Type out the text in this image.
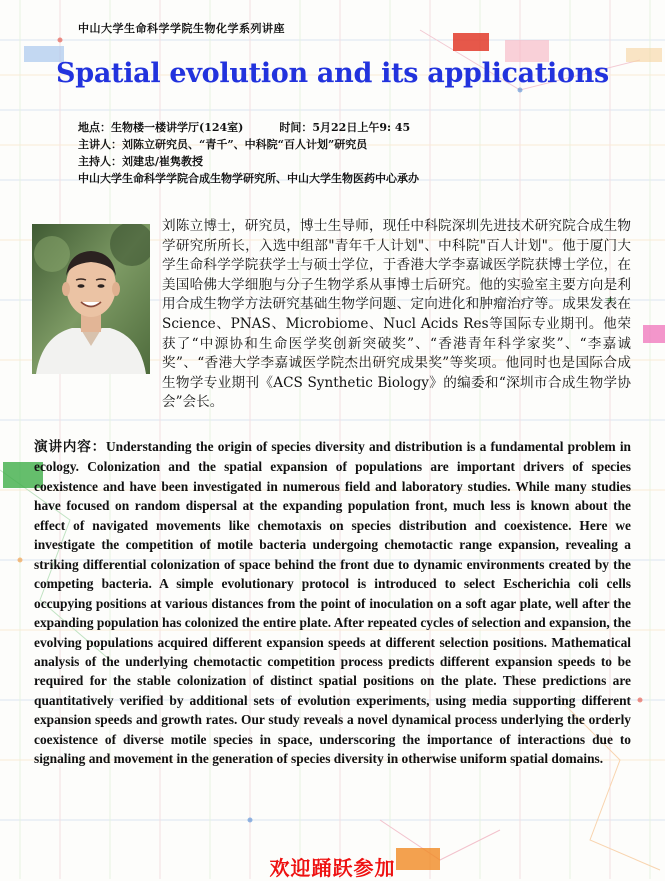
中山大学生命科学学院生物化学系列讲座
Spatial evolution and its applications
地点：生物楼一楼讲学厅(124室)	时间：5月22日上午9: 45
主讲人：刘陈立研究员、“青千”、中科院“百人计划”研究员
主持人：刘建忠/崔隽教授
中山大学生命科学学院合成生物学研究所、中山大学生物医药中心承办
刘陈立博士，研究员，博士生导师，现任中科院深圳先进技术研究院合成生物学研究所所长，入选中组部"青年千人计划"、中科院"百人计划"。他于厦门大学生命科学学院获学士与硕士学位，于香港大学李嘉诚医学院获博士学位，在美国哈佛大学细胞与分子生物学系从事博士后研究。他的实验室主要方向是利用合成生物学方法研究基础生物学问题、定向进化和肿瘤治疗等。成果发表在Science、PNAS、Microbiome、Nucl Acids Res等国际专业期刊。他荣获了“中源协和生命医学奖创新突破奖”、“香港青年科学家奖”、“李嘉诚奖”、“香港大学李嘉诚医学院杰出研究成果奖”等奖项。他同时也是国际合成生物学专业期刊《ACS Synthetic Biology》的编委和“深圳市合成生物学协会”会长。
演讲内容：Understanding the origin of species diversity and distribution is a fundamental problem in ecology. Colonization and the spatial expansion of populations are important drivers of species coexistence and have been investigated in numerous field and laboratory studies. While many studies have focused on random dispersal at the expanding population front, much less is known about the effect of navigated movements like chemotaxis on species distribution and coexistence. Here we investigate the competition of motile bacteria undergoing chemotactic range expansion, revealing a striking differential colonization of space behind the front due to dynamic environments created by the competing bacteria. A simple evolutionary protocol is introduced to select Escherichia coli cells occupying positions at various distances from the point of inoculation on a soft agar plate, well after the expanding population has colonized the entire plate. After repeated cycles of selection and expansion, the evolving populations acquired different expansion speeds at different selection positions. Mathematical analysis of the underlying chemotactic competition process predicts different expansion speeds to be required for the stable colonization of distinct spatial positions on the plate. These predictions are quantitatively verified by additional sets of evolution experiments, using media supporting different expansion speeds and growth rates. Our study reveals a novel dynamical process underlying the orderly coexistence of diverse motile species in space, underscoring the importance of interactions due to signaling and movement in the generation of species diversity in otherwise uniform spatial domains.
欢迎踊跃参加
